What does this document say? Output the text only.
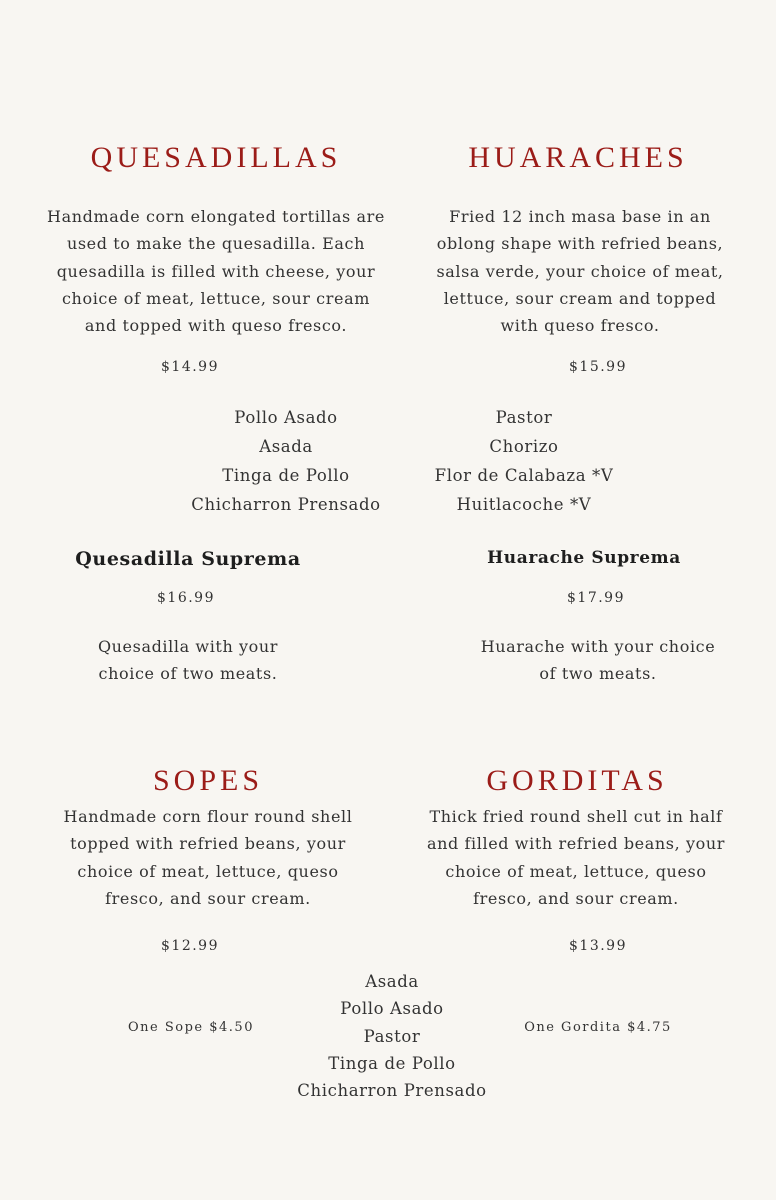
QUESADILLAS
Handmade corn elongated tortillas are
used to make the quesadilla. Each
quesadilla is filled with cheese, your
choice of meat, lettuce, sour cream
and topped with queso fresco.
$14.99
HUARACHES
Fried 12 inch masa base in an
oblong shape with refried beans,
salsa verde, your choice of meat,
lettuce, sour cream and topped
with queso fresco.
$15.99
Pollo Asado
Asada
Tinga de Pollo
Chicharron Prensado
Pastor
Chorizo
Flor de Calabaza *V
Huitlacoche *V
Quesadilla Suprema
$16.99
Quesadilla with your
choice of two meats.
Huarache Suprema
$17.99
Huarache with your choice
of two meats.
SOPES
Handmade corn flour round shell
topped with refried beans, your
choice of meat, lettuce, queso
fresco, and sour cream.
$12.99
One Sope $4.50
GORDITAS
Thick fried round shell cut in half
and filled with refried beans, your
choice of meat, lettuce, queso
fresco, and sour cream.
$13.99
One Gordita $4.75
Asada
Pollo Asado
Pastor
Tinga de Pollo
Chicharron Prensado
